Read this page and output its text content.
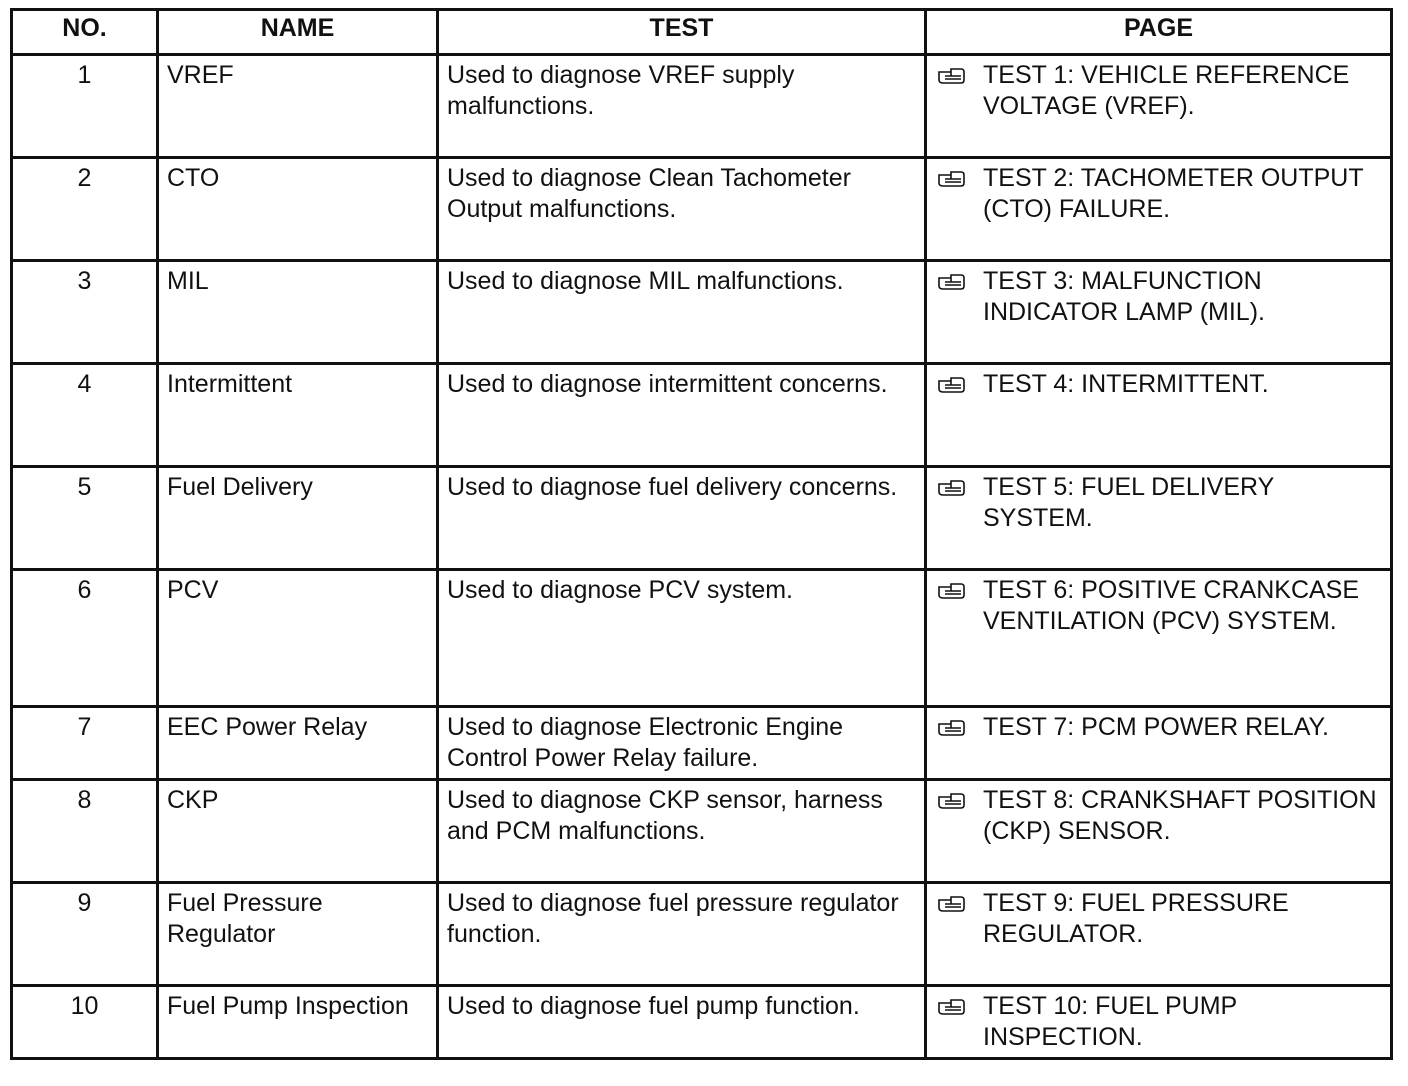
NO.	NAME	TEST	PAGE
1	VREF	Used to diagnose VREF supply malfunctions.	TEST 1: VEHICLE REFERENCE VOLTAGE (VREF).

2	CTO	Used to diagnose Clean Tachometer Output malfunctions.	TEST 2: TACHOMETER OUTPUT (CTO) FAILURE.

3	MIL	Used to diagnose MIL malfunctions.	TEST 3: MALFUNCTION INDICATOR LAMP (MIL).

4	Intermittent	Used to diagnose intermittent concerns.	TEST 4: INTERMITTENT.

5	Fuel Delivery	Used to diagnose fuel delivery concerns.	TEST 5: FUEL DELIVERY SYSTEM.

6	PCV	Used to diagnose PCV system.	TEST 6: POSITIVE CRANKCASE VENTILATION (PCV) SYSTEM.

7	EEC Power Relay	Used to diagnose Electronic Engine Control Power Relay failure.	TEST 7: PCM POWER RELAY.

8	CKP	Used to diagnose CKP sensor, harness and PCM malfunctions.	TEST 8: CRANKSHAFT POSITION (CKP) SENSOR.

9	Fuel Pressure Regulator	Used to diagnose fuel pressure regulator function.	TEST 9: FUEL PRESSURE REGULATOR.

10	Fuel Pump Inspection	Used to diagnose fuel pump function.	TEST 10: FUEL PUMP INSPECTION.
